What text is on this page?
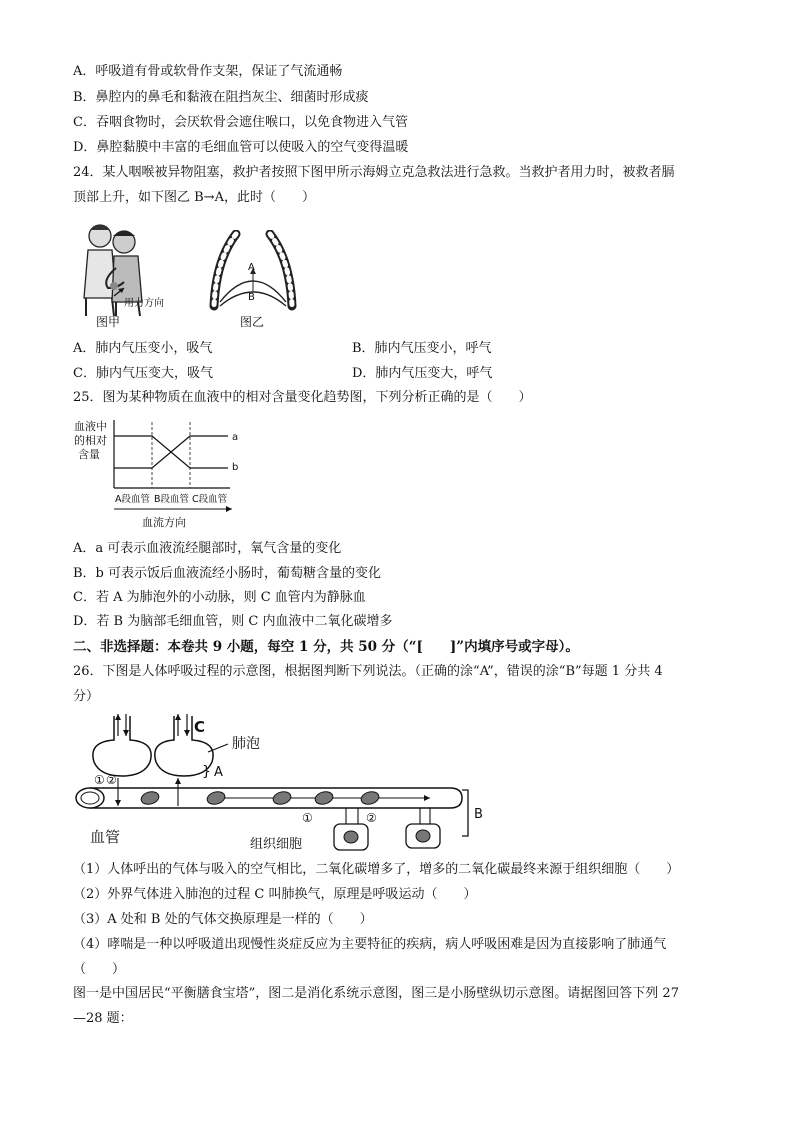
A．呼吸道有骨或软骨作支架，保证了气流通畅
B．鼻腔内的鼻毛和黏液在阻挡灰尘、细菌时形成痰
C．吞咽食物时，会厌软骨会遮住喉口，以免食物进入气管
D．鼻腔黏膜中丰富的毛细血管可以使吸入的空气变得温暖
24．某人咽喉被异物阻塞，救护者按照下图甲所示海姆立克急救法进行急救。当救护者用力时，被救者膈
顶部上升，如下图乙 B→A，此时（　　）
用力方向
图甲
A
B
图乙
A．肺内气压变小，吸气	B．肺内气压变小，呼气
C．肺内气压变大，吸气	D．肺内气压变大，呼气
25．图为某种物质在血液中的相对含量变化趋势图，下列分析正确的是（　　）
血液中
的相对
含量
a
b
A段血管 B段血管 C段血管
血流方向
A．a 可表示血液流经腿部时，氧气含量的变化
B．b 可表示饭后血液流经小肠时，葡萄糖含量的变化
C．若 A 为肺泡外的小动脉，则 C 血管内为静脉血
D．若 B 为脑部毛细血管，则 C 内血液中二氧化碳增多
二、非选择题：本卷共 9 小题，每空 1 分，共 50 分（“[　　]”内填序号或字母）。
26．下图是人体呼吸过程的示意图，根据图判断下列说法。（正确的涂“A”，错误的涂“B”每题 1 分共 4
分）
C
肺泡
} A
① ②
①	②	B
血管	组织细胞
（1）人体呼出的气体与吸入的空气相比，二氧化碳增多了，增多的二氧化碳最终来源于组织细胞（　　）
（2）外界气体进入肺泡的过程 C 叫肺换气，原理是呼吸运动（　　）
（3）A 处和 B 处的气体交换原理是一样的（　　）
（4）哮喘是一种以呼吸道出现慢性炎症反应为主要特征的疾病，病人呼吸困难是因为直接影响了肺通气
（　　）
图一是中国居民“平衡膳食宝塔”，图二是消化系统示意图，图三是小肠壁纵切示意图。请据图回答下列 27
—28 题：
